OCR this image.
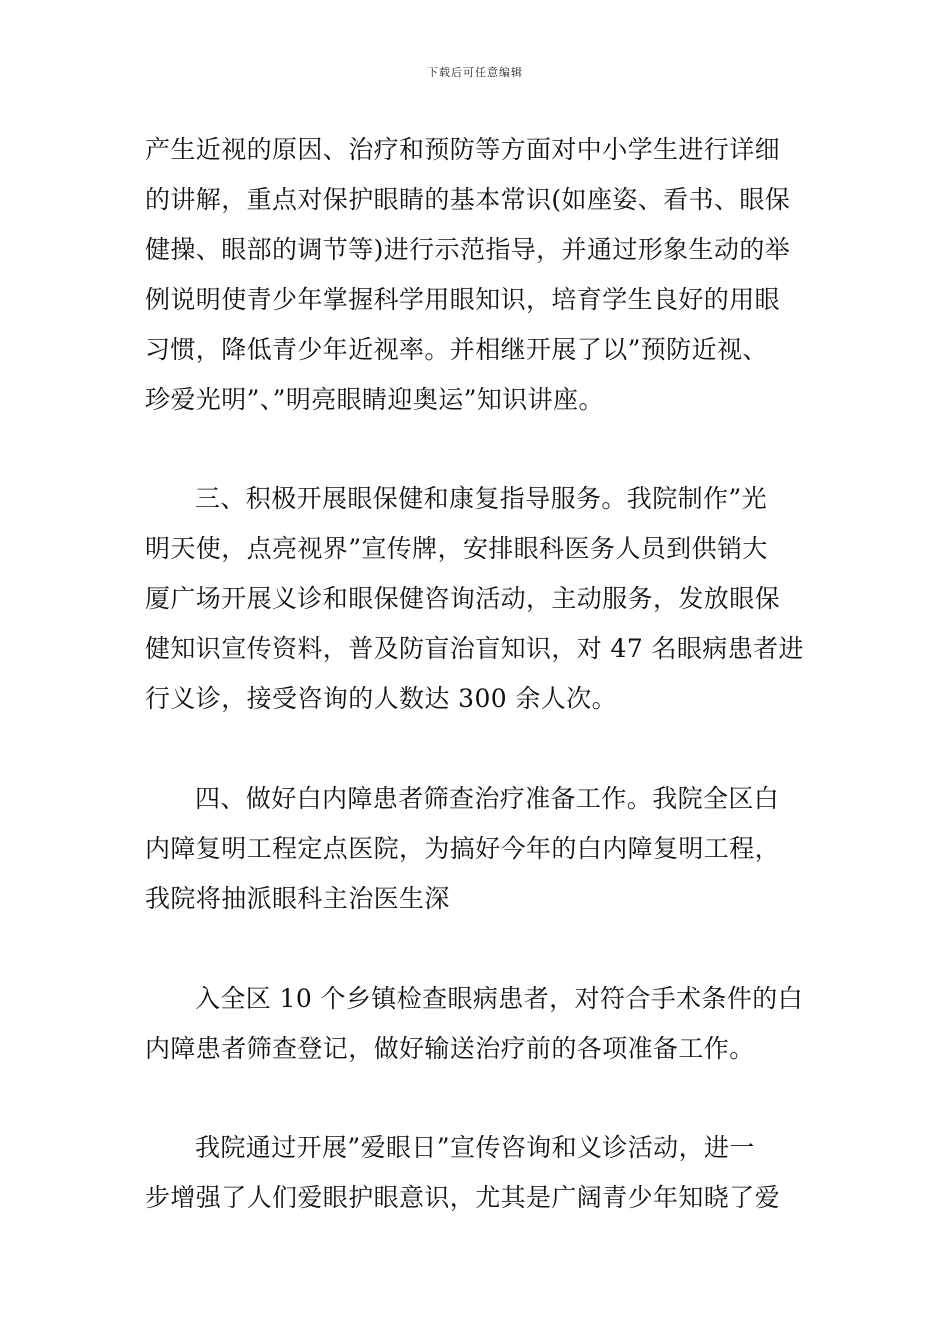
下载后可任意编辑
产生近视的原因、治疗和预防等方面对中小学生进行详细
的讲解，重点对保护眼睛的基本常识(如座姿、看书、眼保
健操、眼部的调节等)进行示范指导，并通过形象生动的举
例说明使青少年掌握科学用眼知识，培育学生良好的用眼
习惯，降低青少年近视率。并相继开展了以”预防近视、
珍爱光明”、”明亮眼睛迎奥运”知识讲座。
三、积极开展眼保健和康复指导服务。我院制作”光
明天使，点亮视界”宣传牌，安排眼科医务人员到供销大
厦广场开展义诊和眼保健咨询活动，主动服务，发放眼保
健知识宣传资料，普及防盲治盲知识，对 47 名眼病患者进
行义诊，接受咨询的人数达 300 余人次。
四、做好白内障患者筛查治疗准备工作。我院全区白
内障复明工程定点医院，为搞好今年的白内障复明工程，
我院将抽派眼科主治医生深
入全区 10 个乡镇检查眼病患者，对符合手术条件的白
内障患者筛查登记，做好输送治疗前的各项准备工作。
我院通过开展”爱眼日”宣传咨询和义诊活动，进一
步增强了人们爱眼护眼意识，尤其是广阔青少年知晓了爱
